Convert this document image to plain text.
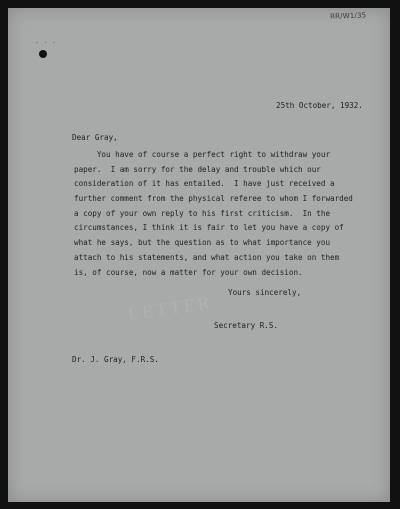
...
LETTER
RR/W1/35
25th October, 1932.
Dear Gray,
You have of course a perfect right to withdraw your
paper.  I am sorry for the delay and trouble which our
consideration of it has entailed.  I have just received a
further comment from the physical referee to whom I forwarded
a copy of your own reply to his first criticism.  In the
circumstances, I think it is fair to let you have a copy of
what he says, but the question as to what importance you
attach to his statements, and what action you take on them
is, of course, now a matter for your own decision.
Yours sincerely,
Secretary R.S.
Dr. J. Gray, F.R.S.
